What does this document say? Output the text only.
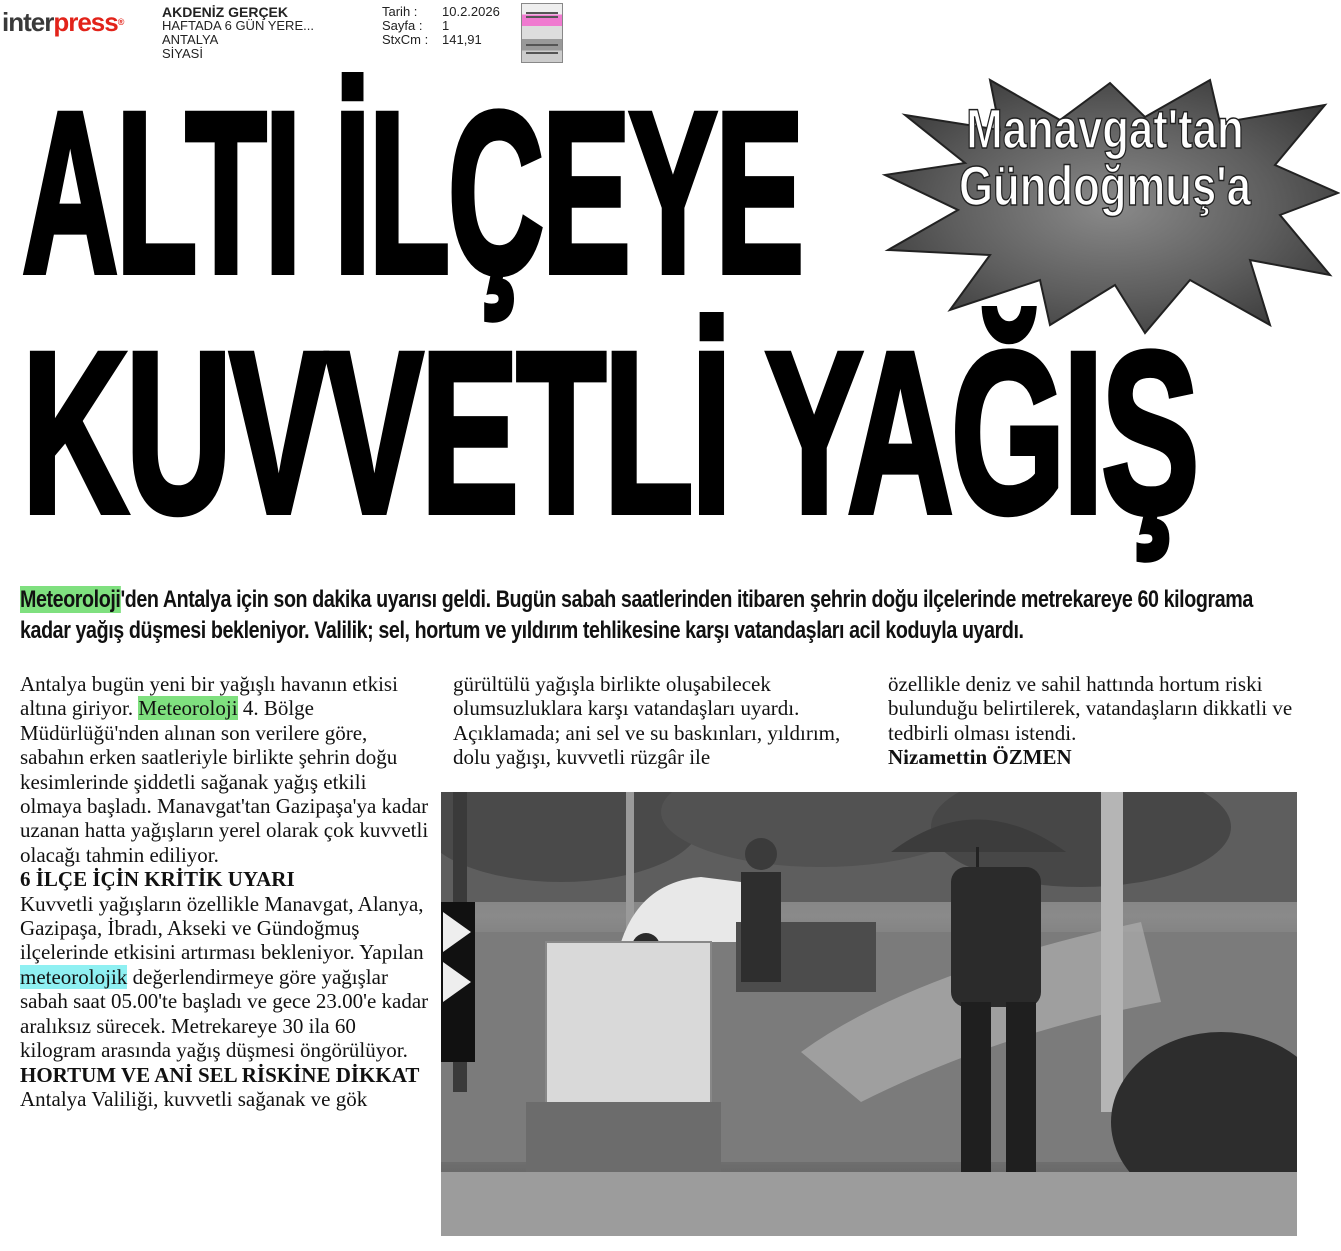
interpress®
AKDENİZ GERÇEK
HAFTADA 6 GÜN YERE...
ANTALYA
SİYASİ
Tarih :	10.2.2026
Sayfa :	1
StxCm :	141,91
ALTI İLÇEYE
KUVVETLİ YAĞIŞ
Manavgat'tan
Gündoğmuş'a
Meteoroloji'den Antalya için son dakika uyarısı geldi. Bugün sabah saatlerinden itibaren şehrin doğu ilçelerinde metrekareye 60 kilograma kadar yağış düşmesi bekleniyor. Valilik; sel, hortum ve yıldırım tehlikesine karşı vatandaşları acil koduyla uyardı.
Antalya bugün yeni bir yağışlı havanın etkisi altına giriyor. Meteoroloji 4. Bölge Müdürlüğü'nden alınan son verilere göre, sabahın erken saatleriyle birlikte şehrin doğu kesimlerinde şiddetli sağanak yağış etkili olmaya başladı. Manavgat'tan Gazipaşa'ya kadar uzanan hatta yağışların yerel olarak çok kuvvetli olacağı tahmin ediliyor.
6 İLÇE İÇİN KRİTİK UYARI
Kuvvetli yağışların özellikle Manavgat, Alanya, Gazipaşa, İbradı, Akseki ve Gündoğmuş ilçelerinde etkisini artırması bekleniyor. Yapılan meteorolojik değerlendirmeye göre yağışlar sabah saat 05.00'te başladı ve gece 23.00'e kadar aralıksız sürecek. Metrekareye 30 ila 60 kilogram arasında yağış düşmesi öngörülüyor.
HORTUM VE ANİ SEL RİSKİNE DİKKAT
Antalya Valiliği, kuvvetli sağanak ve gök
gürültülü yağışla birlikte oluşabilecek olumsuzluklara karşı vatandaşları uyardı. Açıklamada; ani sel ve su baskınları, yıldırım, dolu yağışı, kuvvetli rüzgâr ile
özellikle deniz ve sahil hattında hortum riski bulunduğu belirtilerek, vatandaşların dikkatli ve tedbirli olması istendi.
Nizamettin ÖZMEN
